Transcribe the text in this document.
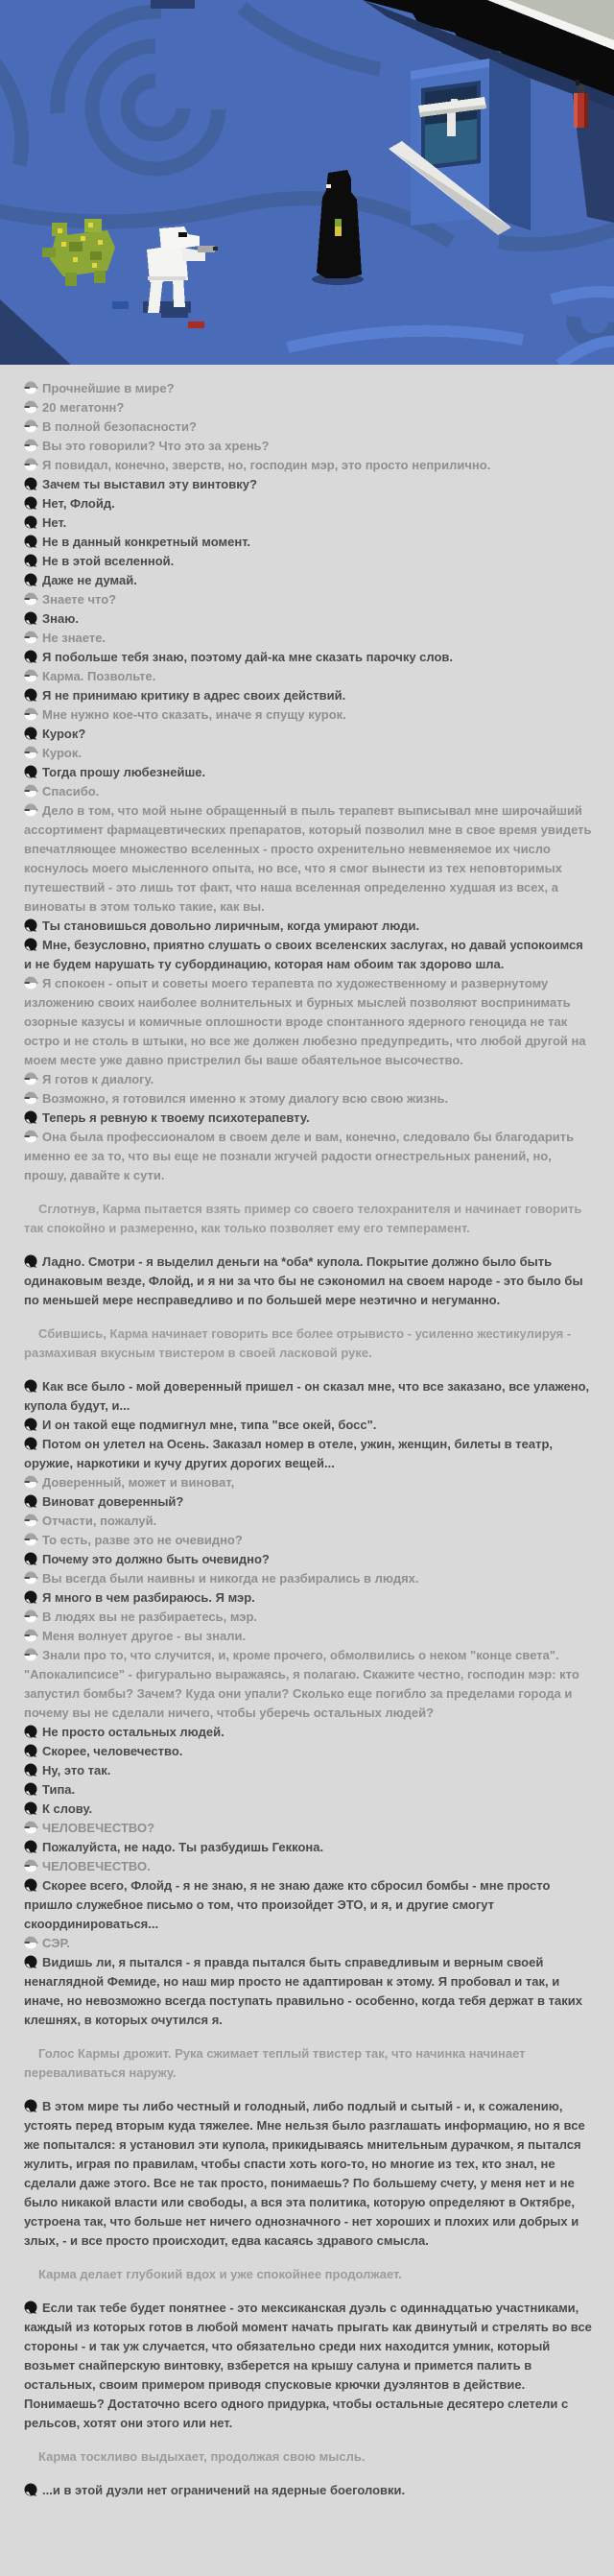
Прочнейшие в мире?
20 мегатонн?
В полной безопасности?
Вы это говорили? Что это за хрень?
Я повидал, конечно, зверств, но, господин мэр, это просто неприлично.
Зачем ты выставил эту винтовку?
Нет, Флойд.
Нет.
Не в данный конкретный момент.
Не в этой вселенной.
Даже не думай.
Знаете что?
Знаю.
Не знаете.
Я побольше тебя знаю, поэтому дай-ка мне сказать парочку слов.
Карма. Позвольте.
Я не принимаю критику в адрес своих действий.
Мне нужно кое-что сказать, иначе я спущу курок.
Курок?
Курок.
Тогда прошу любезнейше.
Спасибо.
Дело в том, что мой ныне обращенный в пыль терапевт выписывал мне широчайший ассортимент фармацевтических препаратов, который позволил мне в свое время увидеть впечатляющее множество вселенных - просто охренительно невменяемое их число коснулось моего мысленного опыта, но все, что я смог вынести из тех неповторимых путешествий - это лишь тот факт, что наша вселенная определенно худшая из всех, а виноваты в этом только такие, как вы.
Ты становишься довольно лиричным, когда умирают люди.
Мне, безусловно, приятно слушать о своих вселенских заслугах, но давай успокоимся и не будем нарушать ту субординацию, которая нам обоим так здорово шла.
Я спокоен - опыт и советы моего терапевта по художественному и развернутому изложению своих наиболее волнительных и бурных мыслей позволяют воспринимать озорные казусы и комичные оплошности вроде спонтанного ядерного геноцида не так остро и не столь в штыки, но все же должен любезно предупредить, что любой другой на моем месте уже давно пристрелил бы ваше обаятельное высочество.
Я готов к диалогу.
Возможно, я готовился именно к этому диалогу всю свою жизнь.
Теперь я ревную к твоему психотерапевту.
Она была профессионалом в своем деле и вам, конечно, следовало бы благодарить именно ее за то, что вы еще не познали жгучей радости огнестрельных ранений, но, прошу, давайте к сути.
Сглотнув, Карма пытается взять пример со своего телохранителя и начинает говорить так спокойно и размеренно, как только позволяет ему его темперамент.
Ладно. Смотри - я выделил деньги на *оба* купола. Покрытие должно было быть одинаковым везде, Флойд, и я ни за что бы не сэкономил на своем народе - это было бы по меньшей мере несправедливо и по большей мере неэтично и негуманно.
Сбившись, Карма начинает говорить все более отрывисто - усиленно жестикулируя - размахивая вкусным твистером в своей ласковой руке.
Как все было - мой доверенный пришел - он сказал мне, что все заказано, все улажено, купола будут, и...
И он такой еще подмигнул мне, типа "все окей, босс".
Потом он улетел на Осень. Заказал номер в отеле, ужин, женщин, билеты в театр, оружие, наркотики и кучу других дорогих вещей...
Доверенный, может и виноват,
Виноват доверенный?
Отчасти, пожалуй.
То есть, разве это не очевидно?
Почему это должно быть очевидно?
Вы всегда были наивны и никогда не разбирались в людях.
Я много в чем разбираюсь. Я мэр.
В людях вы не разбираетесь, мэр.
Меня волнует другое - вы знали.
Знали про то, что случится, и, кроме прочего, обмолвились о неком "конце света". "Апокалипсисе" - фигурально выражаясь, я полагаю. Скажите честно, господин мэр: кто запустил бомбы? Зачем? Куда они упали? Сколько еще погибло за пределами города и почему вы не сделали ничего, чтобы уберечь остальных людей?
Не просто остальных людей.
Скорее, человечество.
Ну, это так.
Типа.
К слову.
ЧЕЛОВЕЧЕСТВО?
Пожалуйста, не надо. Ты разбудишь Геккона.
ЧЕЛОВЕЧЕСТВО.
Скорее всего, Флойд - я не знаю, я не знаю даже кто сбросил бомбы - мне просто пришло служебное письмо о том, что произойдет ЭТО, и я, и другие смогут скоординироваться...
СЭР.
Видишь ли, я пытался - я правда пытался быть справедливым и верным своей ненаглядной Фемиде, но наш мир просто не адаптирован к этому. Я пробовал и так, и иначе, но невозможно всегда поступать правильно - особенно, когда тебя держат в таких клешнях, в которых очутился я.
Голос Кармы дрожит. Рука сжимает теплый твистер так, что начинка начинает переваливаться наружу.
В этом мире ты либо честный и голодный, либо подлый и сытый - и, к сожалению, устоять перед вторым куда тяжелее. Мне нельзя было разглашать информацию, но я все же попытался: я установил эти купола, прикидываясь мнительным дурачком, я пытался жулить, играя по правилам, чтобы спасти хоть кого-то, но многие из тех, кто знал, не сделали даже этого. Все не так просто, понимаешь? По большему счету, у меня нет и не было никакой власти или свободы, а вся эта политика, которую определяют в Октябре, устроена так, что больше нет ничего однозначного - нет хороших и плохих или добрых и злых, - и все просто происходит, едва касаясь здравого смысла.
Карма делает глубокий вдох и уже спокойнее продолжает.
Если так тебе будет понятнее - это мексиканская дуэль с одиннадцатью участниками, каждый из которых готов в любой момент начать прыгать как двинутый и стрелять во все стороны - и так уж случается, что обязательно среди них находится умник, который возьмет снайперскую винтовку, взберется на крышу салуна и примется палить в остальных, своим примером приводя спусковые крючки дуэлянтов в действие. Понимаешь? Достаточно всего одного придурка, чтобы остальные десятеро слетели с рельсов, хотят они этого или нет.
Карма тоскливо выдыхает, продолжая свою мысль.
...и в этой дуэли нет ограничений на ядерные боеголовки.
